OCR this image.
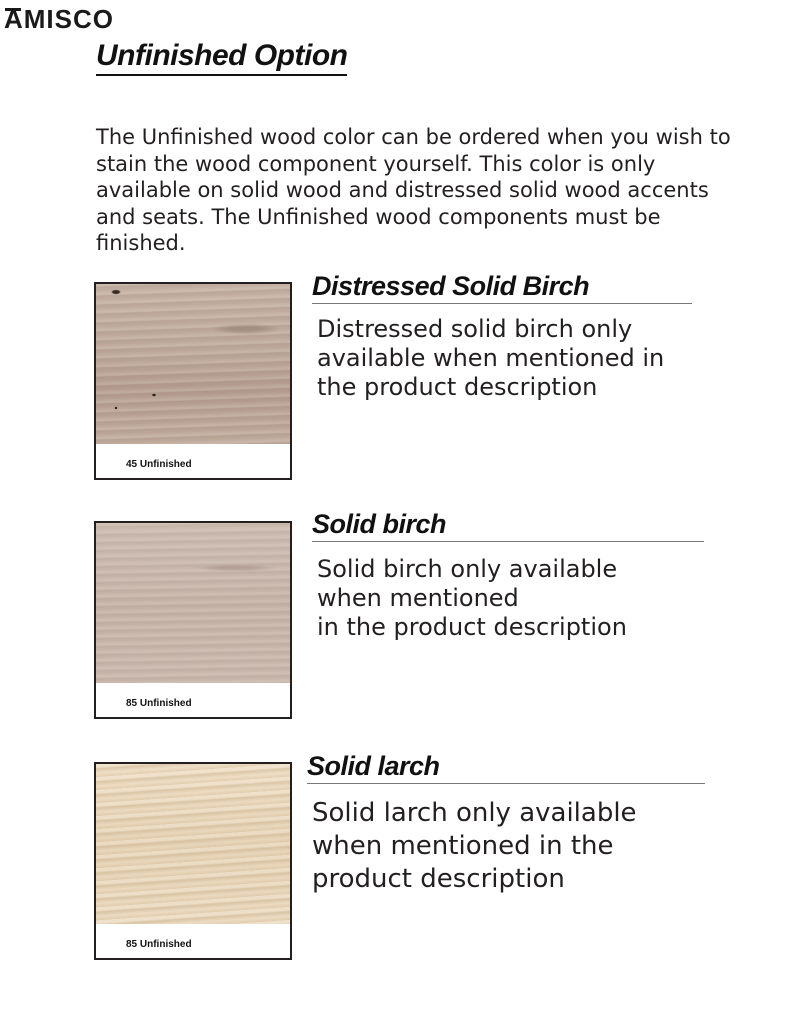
AMISCO
Unfinished Option

The Unfinished wood color can be ordered when you wish to stain the wood component yourself. This color is only available on solid wood and distressed solid wood accents and seats. The Unfinished wood components must be finished.

45 Unfinished
Distressed Solid Birch

Distressed solid birch only
available when mentioned in
the product description

85 Unfinished
Solid birch

Solid birch only available
when mentioned
in the product description

85 Unfinished
Solid larch

Solid larch only available
when mentioned in the
product description
